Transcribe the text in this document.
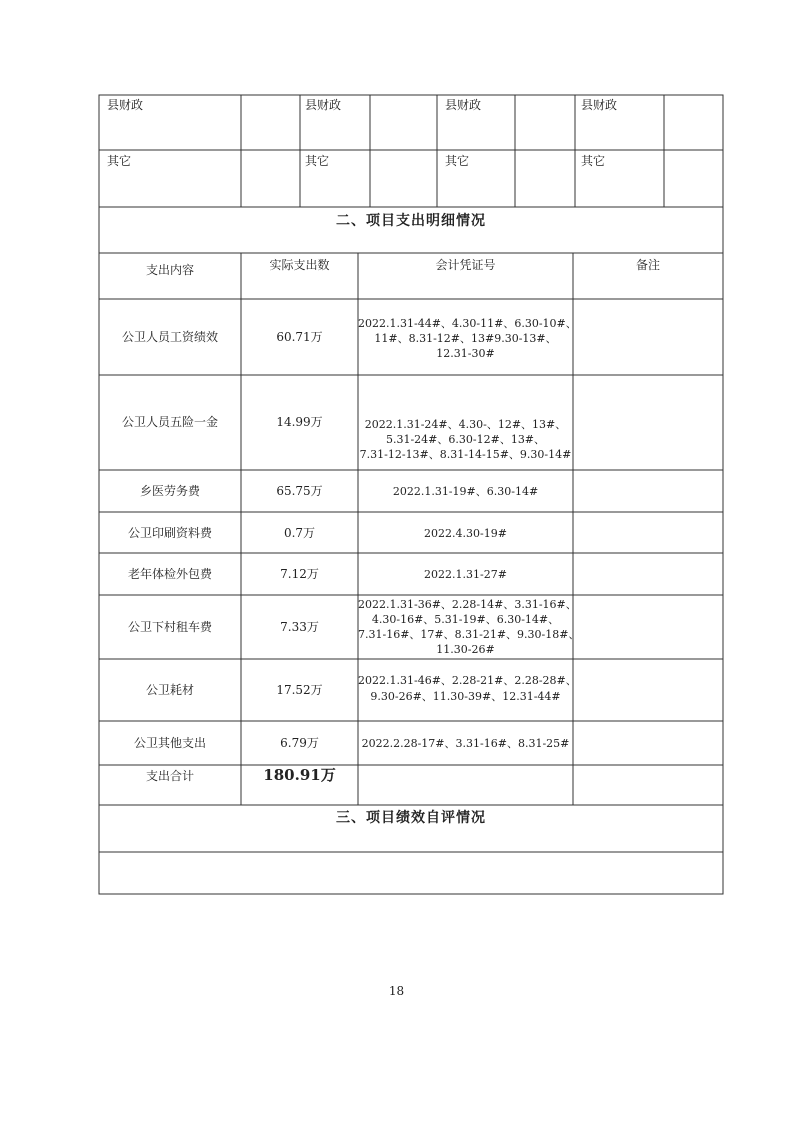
县财政	县财政	县财政	县财政
其它	其它	其它	其它
二、项目支出明细情况
支出内容	实际支出数	会计凭证号	备注
公卫人员工资绩效	60.71万
2022.1.31-44#、4.30-11#、6.30-10#、
11#、8.31-12#、13#9.30-13#、
12.31-30#
公卫人员五险一金	14.99万	2022.1.31-24#、4.30-、12#、13#、
5.31-24#、6.30-12#、13#、
7.31-12-13#、8.31-14-15#、9.30-14#
乡医劳务费	65.75万	2022.1.31-19#、6.30-14#
公卫印刷资料费	0.7万	2022.4.30-19#
老年体检外包费	7.12万	2022.1.31-27#
公卫下村租车费	7.33万
2022.1.31-36#、2.28-14#、3.31-16#、
4.30-16#、5.31-19#、6.30-14#、
7.31-16#、17#、8.31-21#、9.30-18#、
11.30-26#
公卫耗材	17.52万
2022.1.31-46#、2.28-21#、2.28-28#、
9.30-26#、11.30-39#、12.31-44#
公卫其他支出	6.79万	2022.2.28-17#、3.31-16#、8.31-25#
支出合计	180.91万
三、项目绩效自评情况
18
